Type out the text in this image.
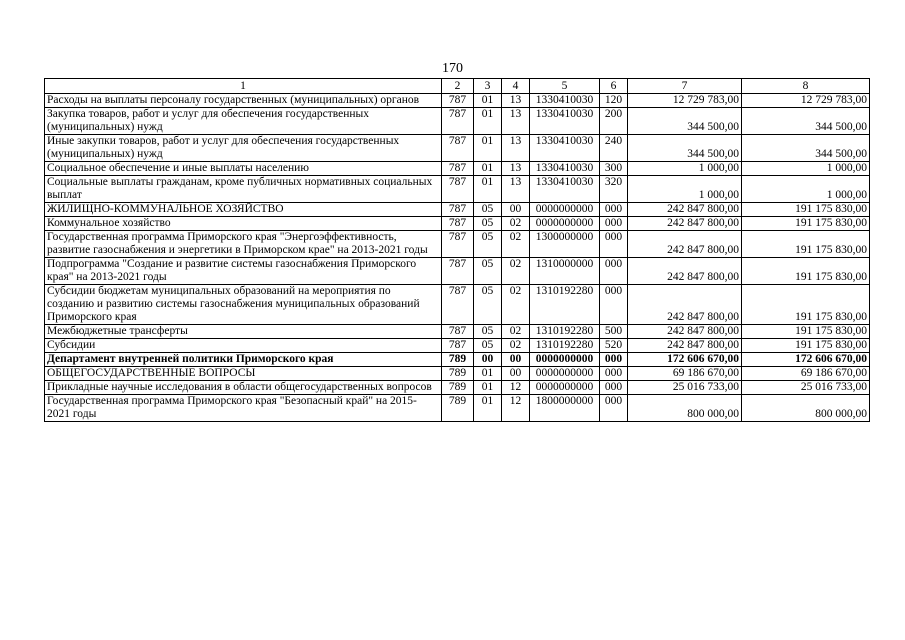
170
1	2	3	4	5	6	7	8
Расходы на выплаты персоналу государственных (муниципальных) органов	787	01	13	1330410030	120	12 729 783,00	12 729 783,00
Закупка товаров, работ и услуг для обеспечения государственных (муниципальных) нужд	787	01	13	1330410030	200	344 500,00	344 500,00
Иные закупки товаров, работ и услуг для обеспечения государственных (муниципальных) нужд	787	01	13	1330410030	240	344 500,00	344 500,00
Социальное обеспечение и иные выплаты населению	787	01	13	1330410030	300	1 000,00	1 000,00
Социальные выплаты гражданам, кроме публичных нормативных социальных выплат	787	01	13	1330410030	320	1 000,00	1 000,00
ЖИЛИЩНО-КОММУНАЛЬНОЕ ХОЗЯЙСТВО	787	05	00	0000000000	000	242 847 800,00	191 175 830,00
Коммунальное хозяйство	787	05	02	0000000000	000	242 847 800,00	191 175 830,00
Государственная программа Приморского края "Энергоэффективность, развитие газоснабжения и энергетики в Приморском крае" на 2013-2021 годы	787	05	02	1300000000	000	242 847 800,00	191 175 830,00
Подпрограмма "Создание и развитие системы газоснабжения Приморского края" на 2013-2021 годы	787	05	02	1310000000	000	242 847 800,00	191 175 830,00
Субсидии бюджетам муниципальных образований на мероприятия по созданию и развитию системы газоснабжения муниципальных образований Приморского края	787	05	02	1310192280	000	242 847 800,00	191 175 830,00
Межбюджетные трансферты	787	05	02	1310192280	500	242 847 800,00	191 175 830,00
Субсидии	787	05	02	1310192280	520	242 847 800,00	191 175 830,00
Департамент внутренней политики Приморского края	789	00	00	0000000000	000	172 606 670,00	172 606 670,00
ОБЩЕГОСУДАРСТВЕННЫЕ ВОПРОСЫ	789	01	00	0000000000	000	69 186 670,00	69 186 670,00
Прикладные научные исследования в области общегосударственных вопросов	789	01	12	0000000000	000	25 016 733,00	25 016 733,00
Государственная программа Приморского края "Безопасный край" на 2015-2021 годы	789	01	12	1800000000	000	800 000,00	800 000,00
